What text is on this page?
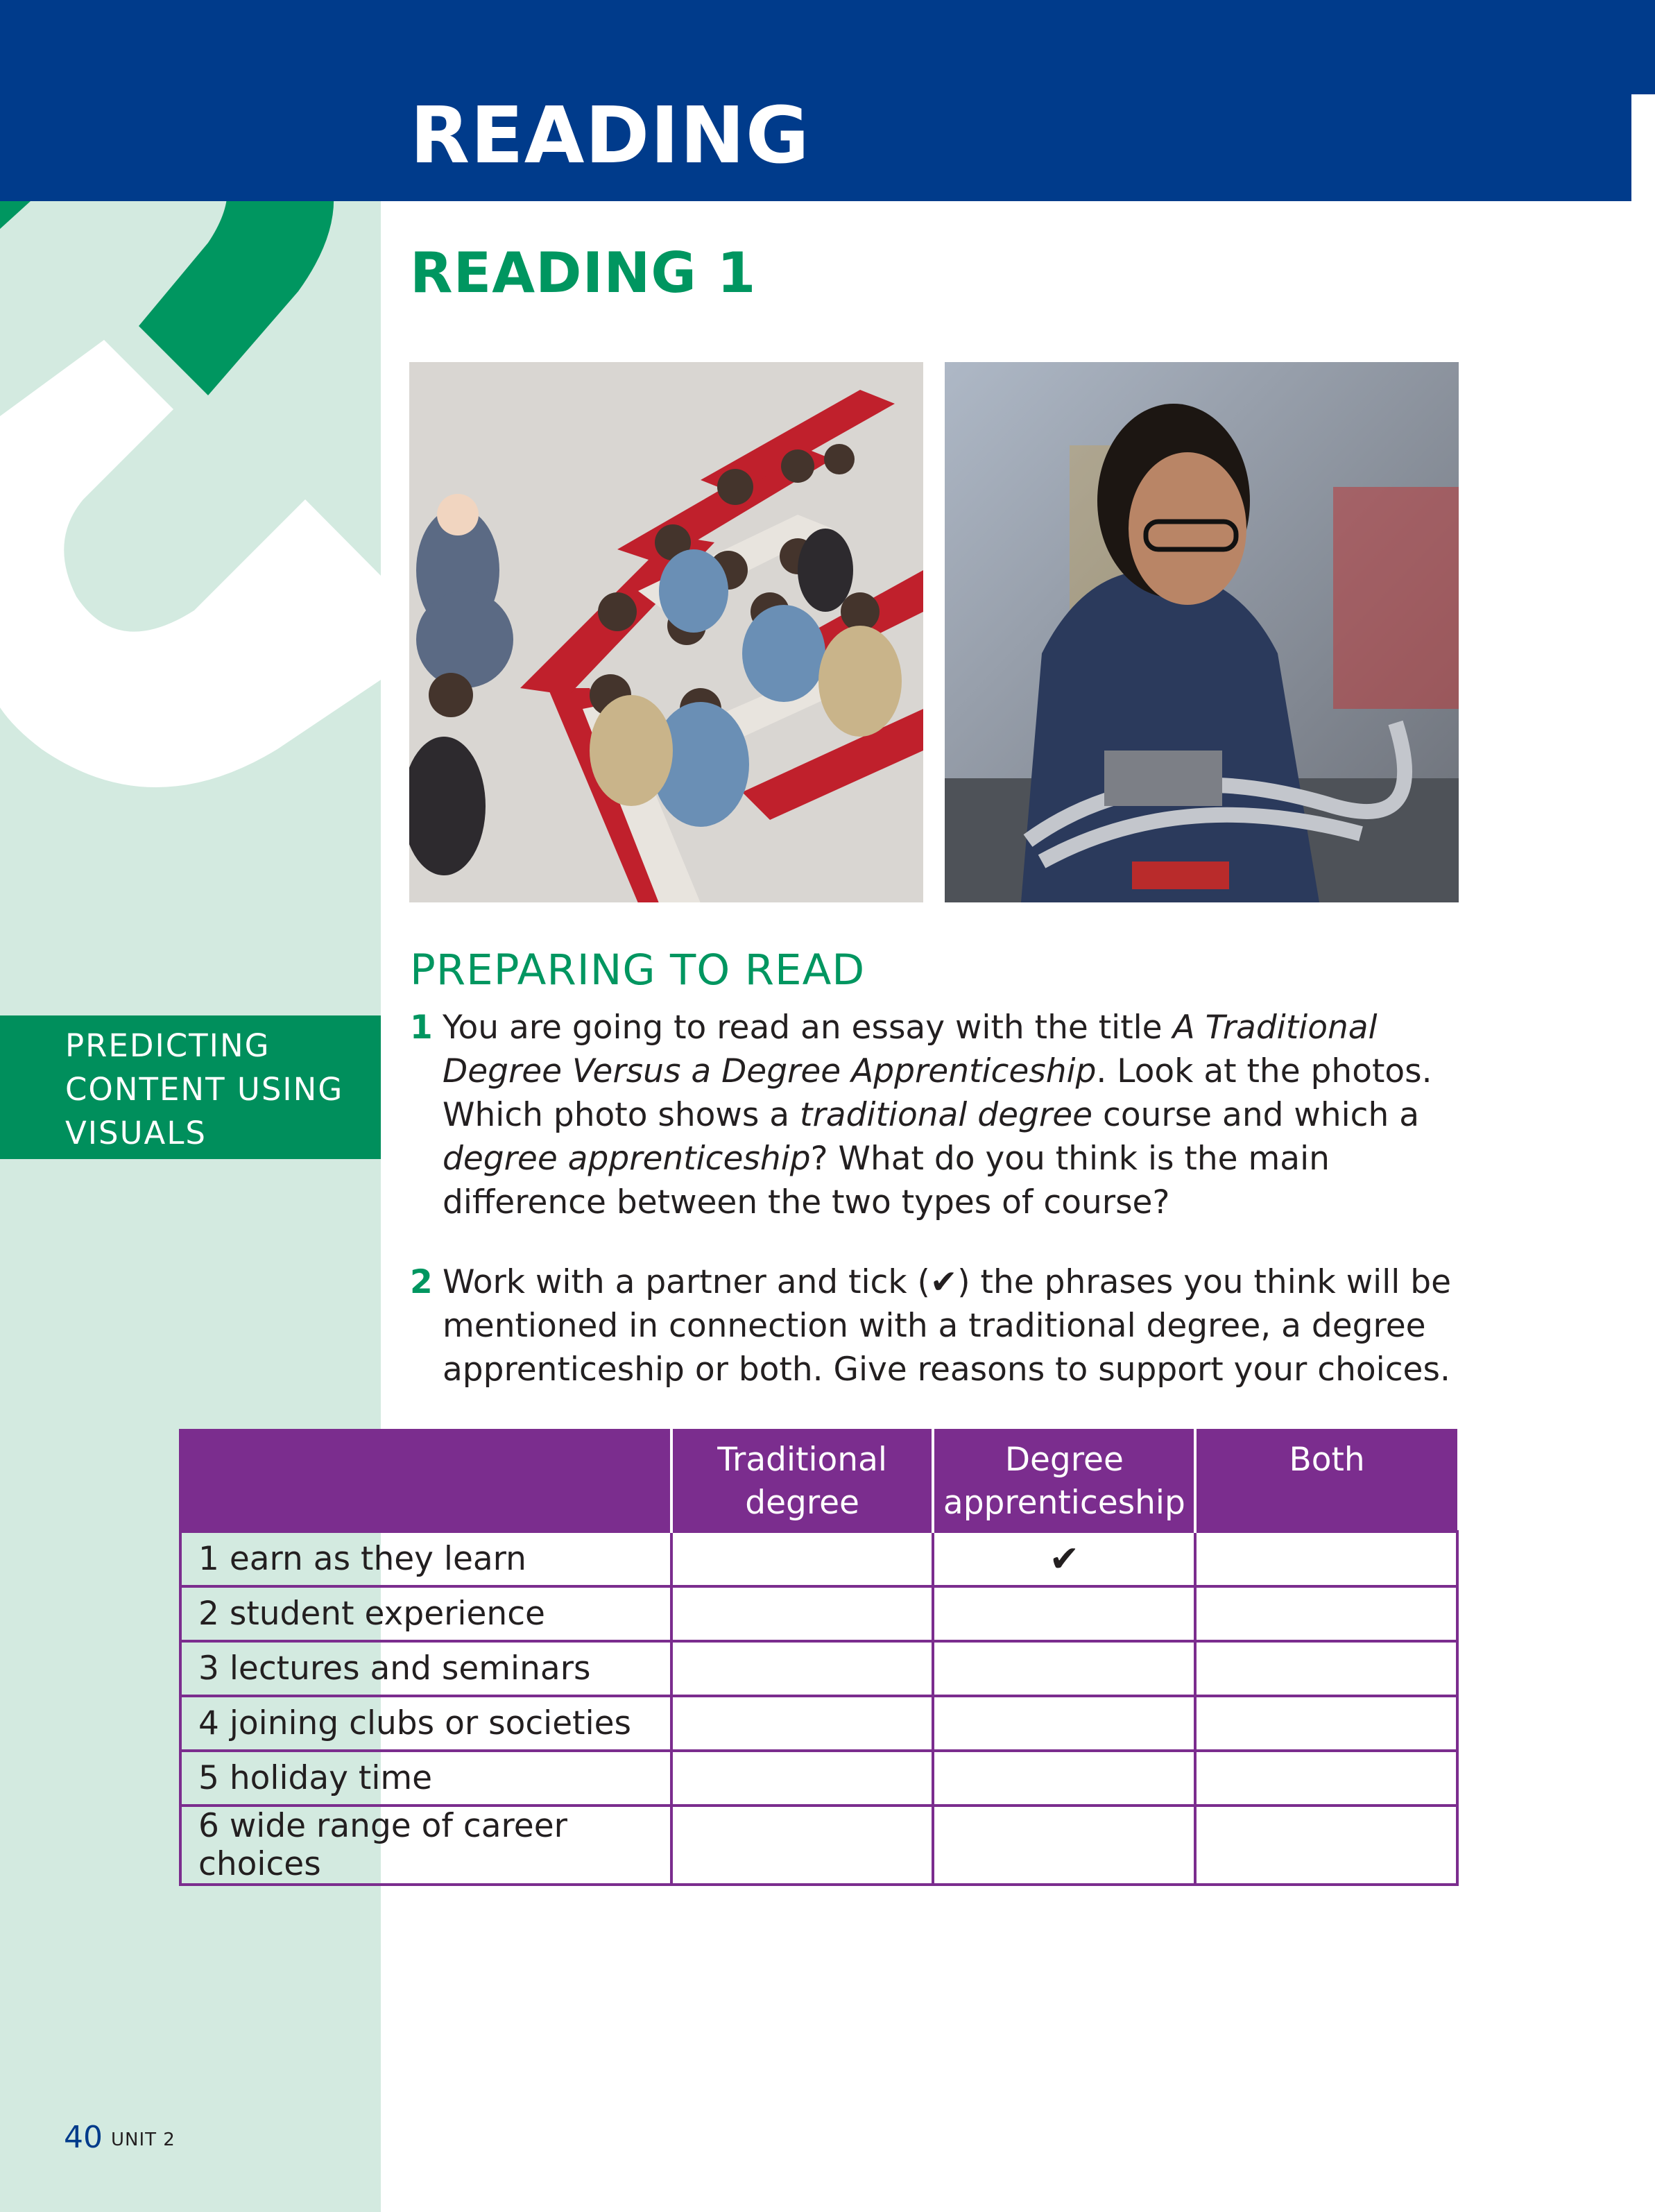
READING
READING 1
PREPARING TO READ
PREDICTING CONTENT USING VISUALS
1 You are going to read an essay with the title A Traditional Degree Versus a Degree Apprenticeship. Look at the photos. Which photo shows a traditional degree course and which a degree apprenticeship? What do you think is the main difference between the two types of course?
2 Work with a partner and tick (✔) the phrases you think will be mentioned in connection with a traditional degree, a degree apprenticeship or both. Give reasons to support your choices.
	Traditional degree	Degree apprenticeship	Both
1 earn as they learn		✔	
2 student experience			
3 lectures and seminars			
4 joining clubs or societies			
5 holiday time			
6 wide range of career choices			
40 UNIT 2
